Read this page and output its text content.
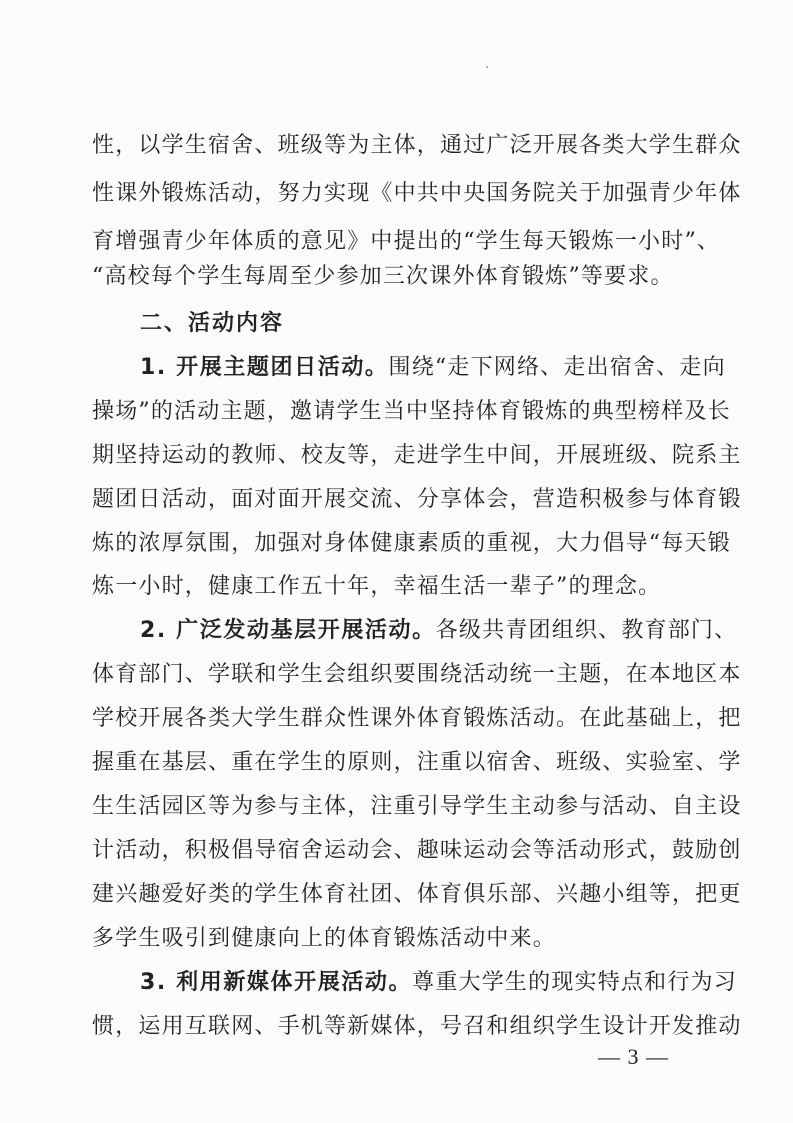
性，以学生宿舍、班级等为主体，通过广泛开展各类大学生群众
性课外锻炼活动，努力实现《中共中央国务院关于加强青少年体
育增强青少年体质的意见》中提出的“学生每天锻炼一小时”、
“高校每个学生每周至少参加三次课外体育锻炼”等要求。
二、活动内容
1. 开展主题团日活动。围绕“走下网络、走出宿舍、走向
操场”的活动主题，邀请学生当中坚持体育锻炼的典型榜样及长
期坚持运动的教师、校友等，走进学生中间，开展班级、院系主
题团日活动，面对面开展交流、分享体会，营造积极参与体育锻
炼的浓厚氛围，加强对身体健康素质的重视，大力倡导“每天锻
炼一小时，健康工作五十年，幸福生活一辈子”的理念。
2. 广泛发动基层开展活动。各级共青团组织、教育部门、
体育部门、学联和学生会组织要围绕活动统一主题，在本地区本
学校开展各类大学生群众性课外体育锻炼活动。在此基础上，把
握重在基层、重在学生的原则，注重以宿舍、班级、实验室、学
生生活园区等为参与主体，注重引导学生主动参与活动、自主设
计活动，积极倡导宿舍运动会、趣味运动会等活动形式，鼓励创
建兴趣爱好类的学生体育社团、体育俱乐部、兴趣小组等，把更
多学生吸引到健康向上的体育锻炼活动中来。
3. 利用新媒体开展活动。尊重大学生的现实特点和行为习
惯，运用互联网、手机等新媒体，号召和组织学生设计开发推动
— 3 —
